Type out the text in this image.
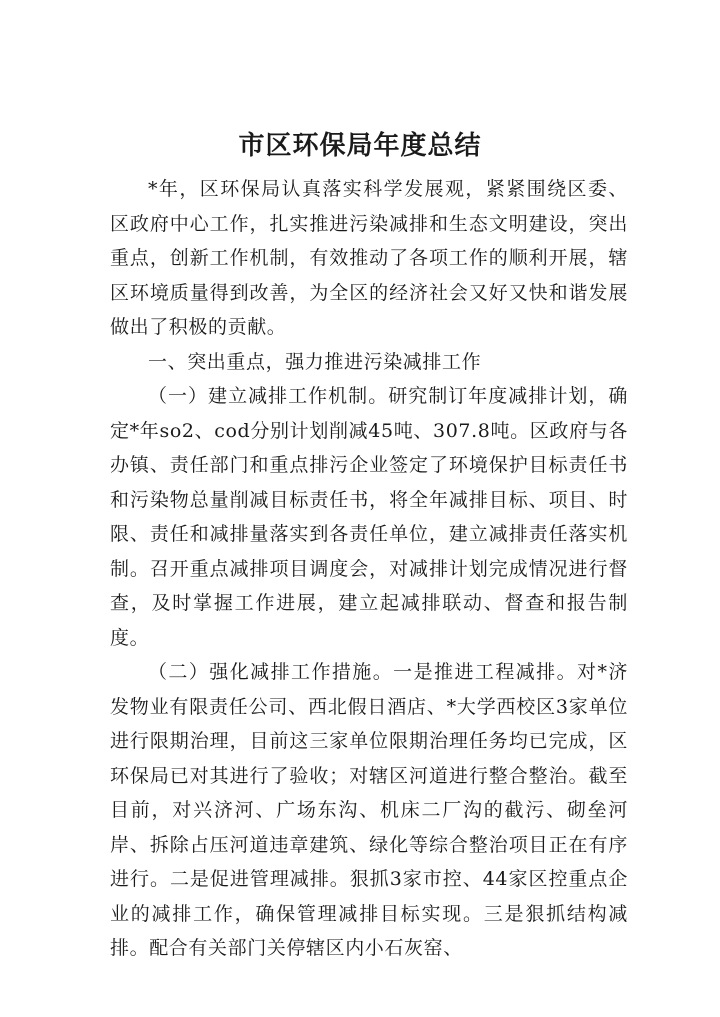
市区环保局年度总结

*年，区环保局认真落实科学发展观，紧紧围绕区委、区政府中心工作，扎实推进污染减排和生态文明建设，突出重点，创新工作机制，有效推动了各项工作的顺利开展，辖区环境质量得到改善，为全区的经济社会又好又快和谐发展做出了积极的贡献。

一、突出重点，强力推进污染减排工作

（一）建立减排工作机制。研究制订年度减排计划，确定*年so2、cod分别计划削减45吨、307.8吨。区政府与各办镇、责任部门和重点排污企业签定了环境保护目标责任书和污染物总量削减目标责任书，将全年减排目标、项目、时限、责任和减排量落实到各责任单位，建立减排责任落实机制。召开重点减排项目调度会，对减排计划完成情况进行督查，及时掌握工作进展，建立起减排联动、督查和报告制度。

（二）强化减排工作措施。一是推进工程减排。对*济发物业有限责任公司、西北假日酒店、*大学西校区3家单位进行限期治理，目前这三家单位限期治理任务均已完成，区环保局已对其进行了验收；对辖区河道进行整合整治。截至目前，对兴济河、广场东沟、机床二厂沟的截污、砌垒河岸、拆除占压河道违章建筑、绿化等综合整治项目正在有序进行。二是促进管理减排。狠抓3家市控、44家区控重点企业的减排工作，确保管理减排目标实现。三是狠抓结构减排。配合有关部门关停辖区内小石灰窑、
